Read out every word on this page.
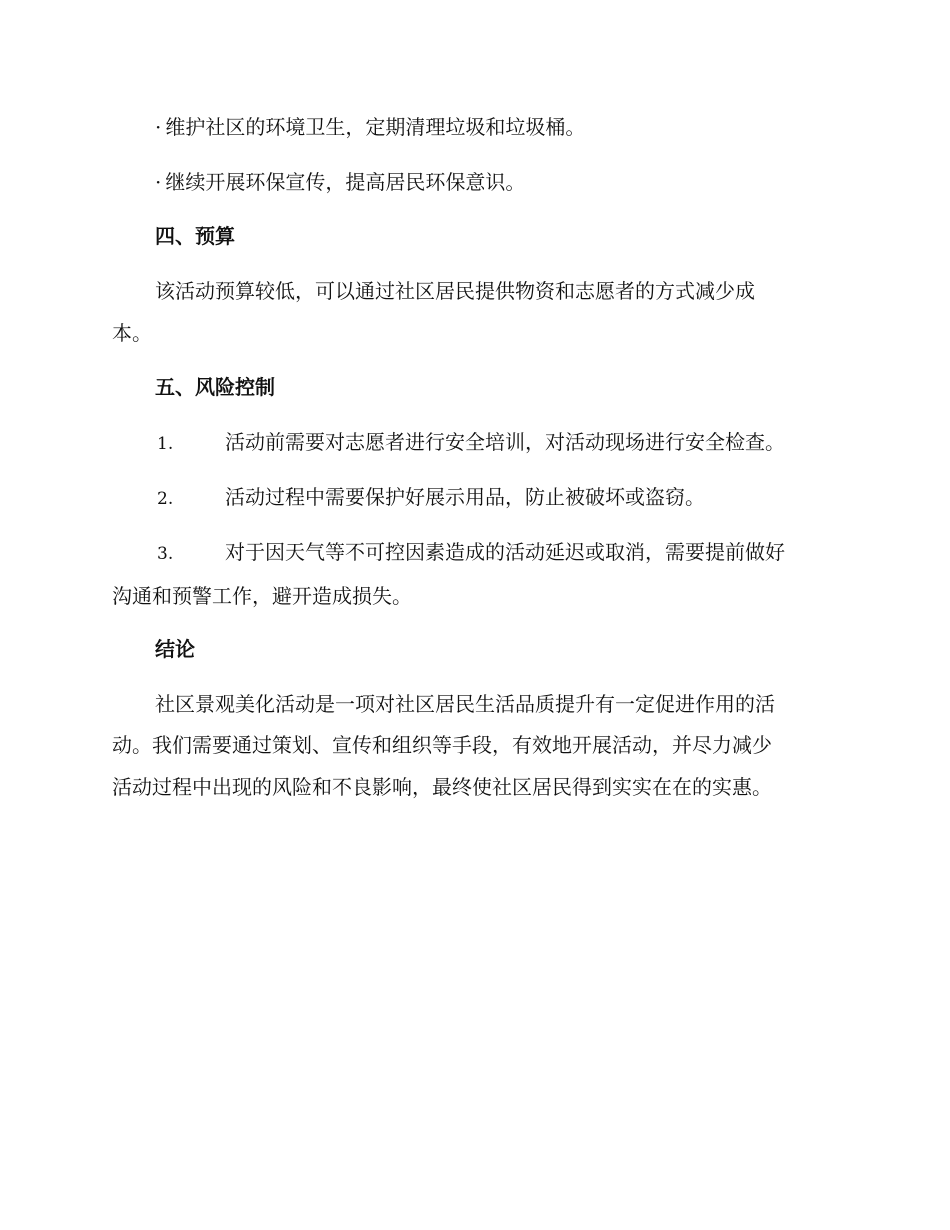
· 维护社区的环境卫生，定期清理垃圾和垃圾桶。
· 继续开展环保宣传，提高居民环保意识。
四、预算
该活动预算较低，可以通过社区居民提供物资和志愿者的方式减少成
本。
五、风险控制
1.	活动前需要对志愿者进行安全培训，对活动现场进行安全检查。
2.	活动过程中需要保护好展示用品，防止被破坏或盗窃。
3.	对于因天气等不可控因素造成的活动延迟或取消，需要提前做好
沟通和预警工作，避开造成损失。
结论
社区景观美化活动是一项对社区居民生活品质提升有一定促进作用的活
动。我们需要通过策划、宣传和组织等手段，有效地开展活动，并尽力减少
活动过程中出现的风险和不良影响，最终使社区居民得到实实在在的实惠。
